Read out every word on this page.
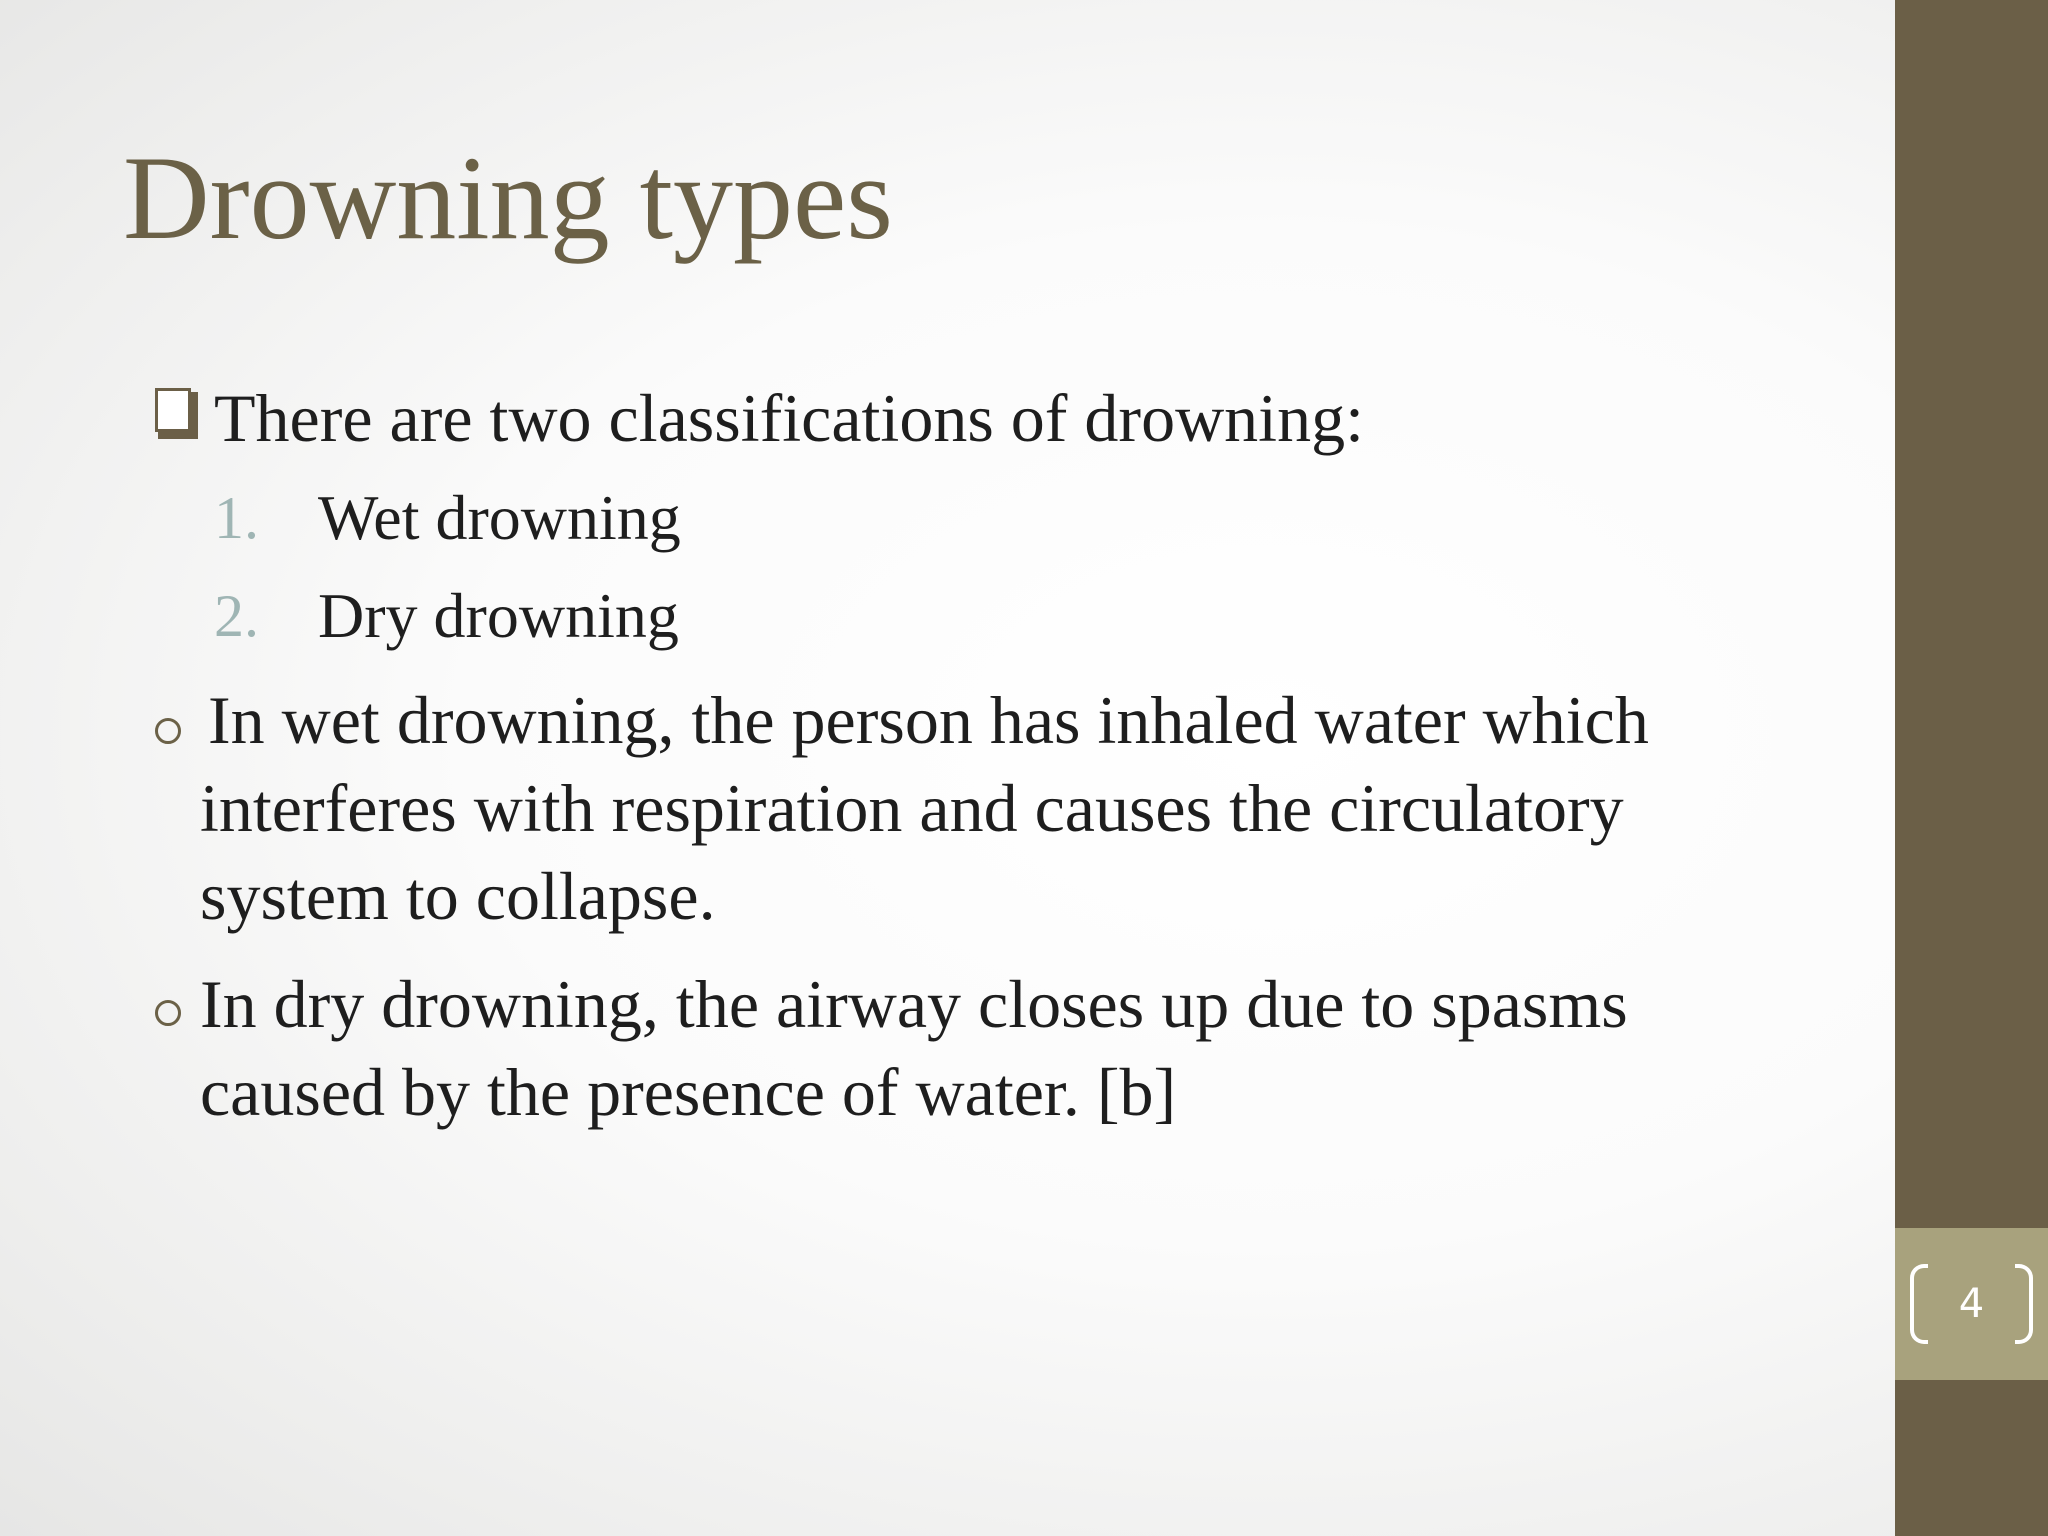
Drowning types
There are two classifications of drowning:
1. Wet drowning
2. Dry drowning
In wet drowning, the person has inhaled water which
interferes with respiration and causes the circulatory
system to collapse.
In dry drowning, the airway closes up due to spasms
caused by the presence of water. [b]
4
